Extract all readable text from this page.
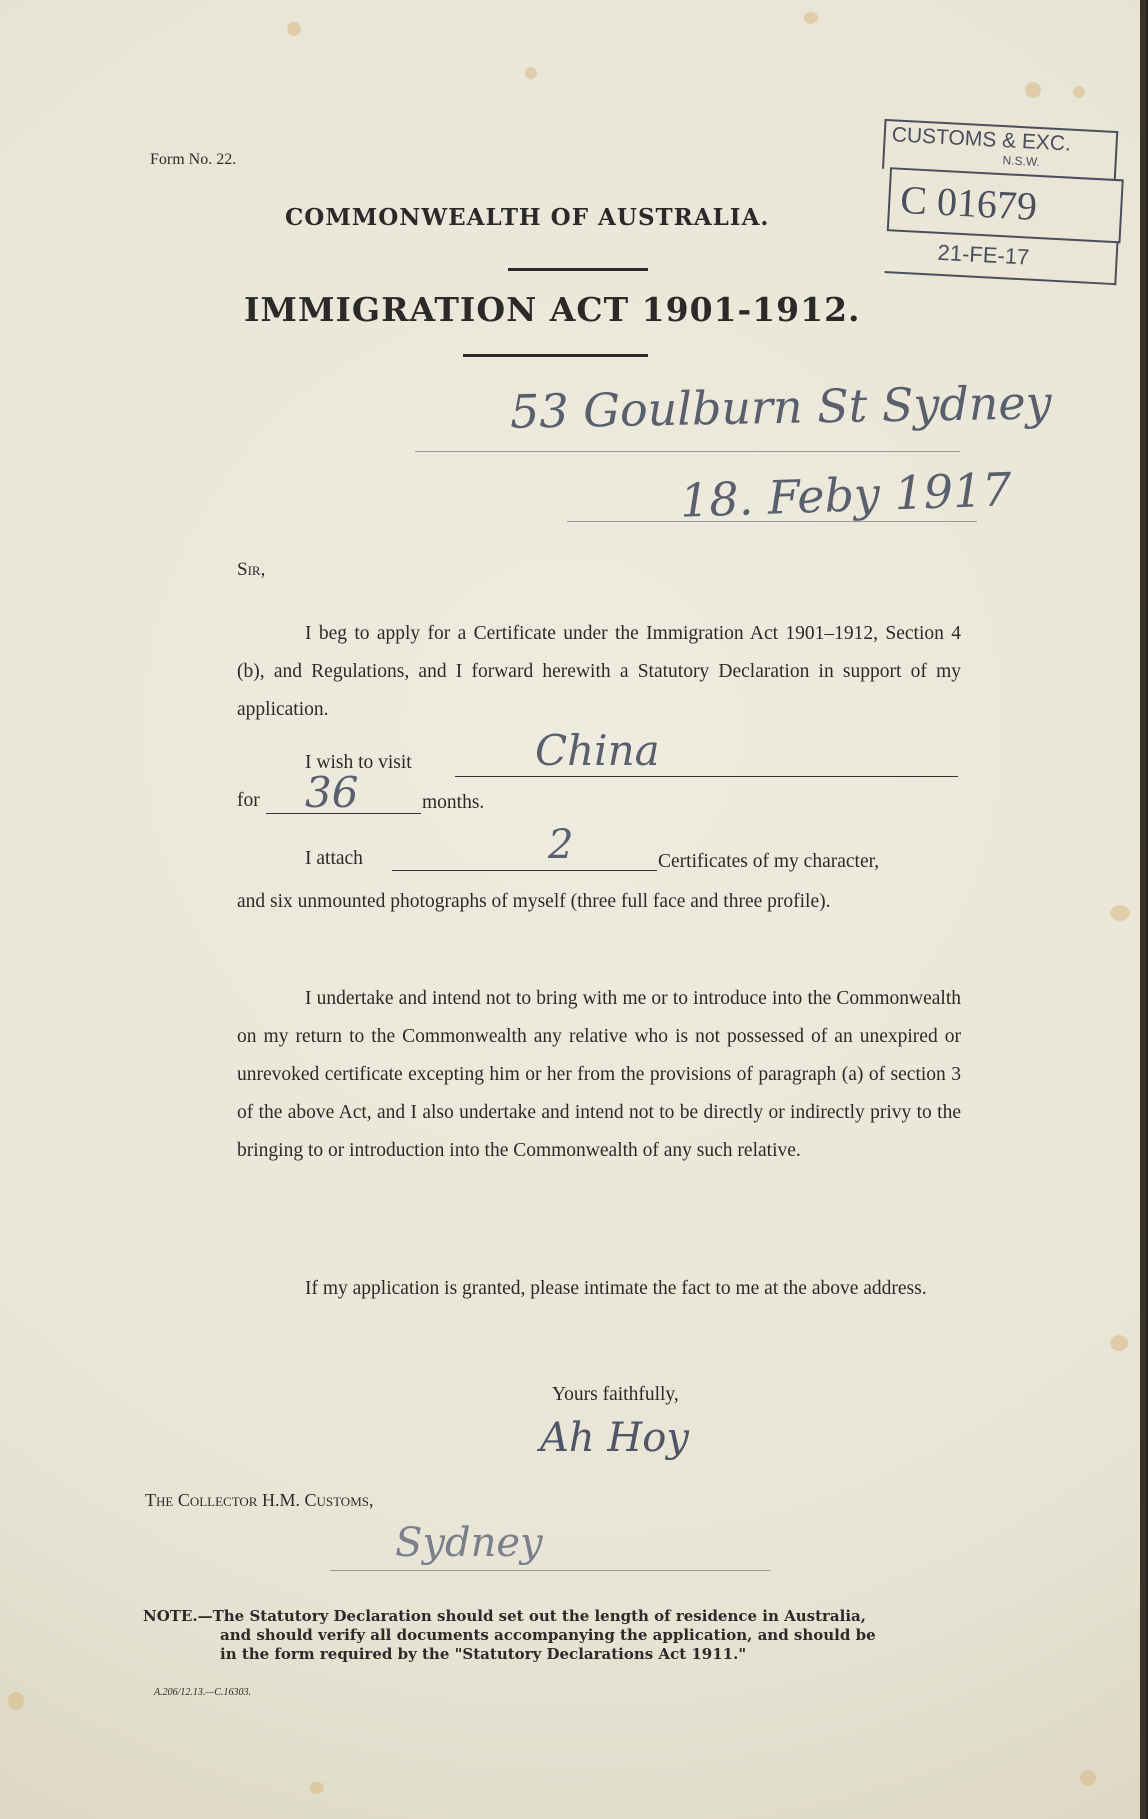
Form No. 22.
COMMONWEALTH OF AUSTRALIA.
IMMIGRATION ACT 1901-1912.
CUSTOMS & EXC.
N.S.W.
C 01679
21-FE-17
53 Goulburn St Sydney
18. Feby 1917
Sir,
I beg to apply for a Certificate under the Immigration Act 1901–1912, Section 4 (b), and Regulations, and I forward herewith a Statutory Declaration in support of my application.
I wish to visit	China
for 36	months.
I attach	2	Certificates of my character,
and six unmounted photographs of myself (three full face and three profile).
I undertake and intend not to bring with me or to introduce into the Commonwealth on my return to the Commonwealth any relative who is not possessed of an unexpired or unrevoked certificate excepting him or her from the provisions of paragraph (a) of section 3 of the above Act, and I also undertake and intend not to be directly or indirectly privy to the bringing to or introduction into the Commonwealth of any such relative.
If my application is granted, please intimate the fact to me at the above address.
Yours faithfully,
Ah Hoy
The Collector H.M. Customs,
Sydney
NOTE.—The Statutory Declaration should set out the length of residence in Australia,
and should verify all documents accompanying the application, and should be
in the form required by the "Statutory Declarations Act 1911."
A.206/12.13.—C.16303.
